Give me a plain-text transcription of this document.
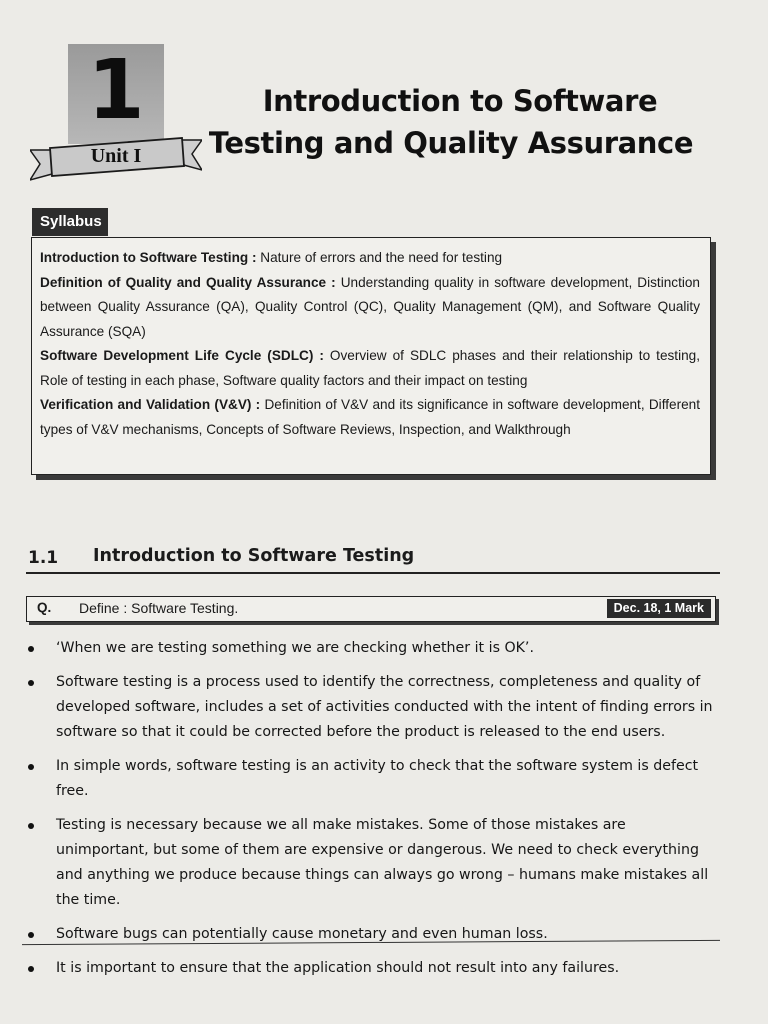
1
Unit I
Introduction to Software
Testing and Quality Assurance
Syllabus

Introduction to Software Testing : Nature of errors and the need for testing

Definition of Quality and Quality Assurance : Understanding quality in software development, Distinction between Quality Assurance (QA), Quality Control (QC), Quality Management (QM), and Software Quality Assurance (SQA)

Software Development Life Cycle (SDLC) : Overview of SDLC phases and their relationship to testing, Role of testing in each phase, Software quality factors and their impact on testing

Verification and Validation (V&V) : Definition of V&V and its significance in software development, Different types of V&V mechanisms, Concepts of Software Reviews, Inspection, and Walkthrough

1.1 Introduction to Software Testing
Q. Define : Software Testing.	Dec. 18, 1 Mark
‘When we are testing something we are checking whether it is OK’.
Software testing is a process used to identify the correctness, completeness and quality of developed software, includes a set of activities conducted with the intent of finding errors in software so that it could be corrected before the product is released to the end users.
In simple words, software testing is an activity to check that the software system is defect free.
Testing is necessary because we all make mistakes. Some of those mistakes are unimportant, but some of them are expensive or dangerous. We need to check everything and anything we produce because things can always go wrong – humans make mistakes all the time.
Software bugs can potentially cause monetary and even human loss.
It is important to ensure that the application should not result into any failures.
